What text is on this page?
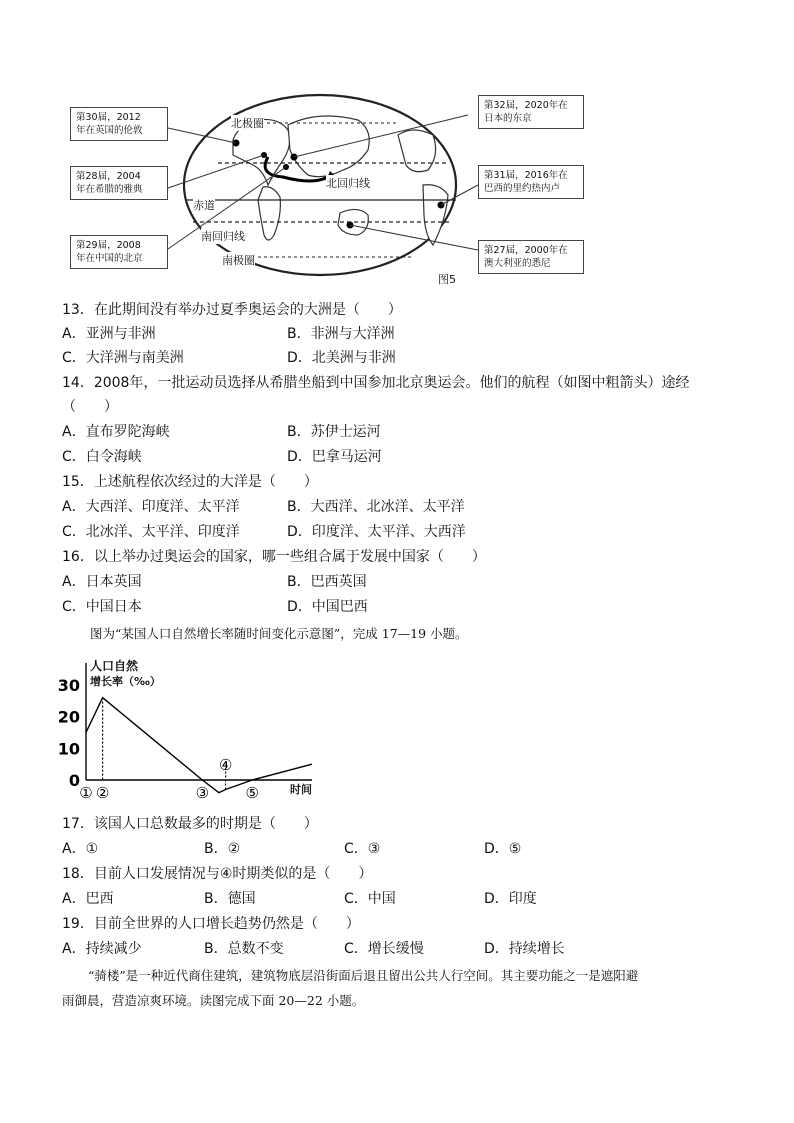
第30届，2012
年在英国的伦敦
第28届，2004
年在希腊的雅典
第29届，2008
年在中国的北京
第32届，2020年在
日本的东京
第31届，2016年在
巴西的里约热内卢
第27届，2000年在
澳大利亚的悉尼
北极圈
北回归线
赤道
南回归线
南极圈
图5
13．在此期间没有举办过夏季奥运会的大洲是（　　）
A．亚洲与非洲	B．非洲与大洋洲
C．大洋洲与南美洲	D．北美洲与非洲
14．2008年，一批运动员选择从希腊坐船到中国参加北京奥运会。他们的航程（如图中粗箭头）途经
（　　）
A．直布罗陀海峡	B．苏伊士运河
C．白令海峡	D．巴拿马运河
15．上述航程依次经过的大洋是（　　）
A．大西洋、印度洋、太平洋	B．大西洋、北冰洋、太平洋
C．北冰洋、太平洋、印度洋	D．印度洋、太平洋、大西洋
16．以上举办过奥运会的国家，哪一些组合属于发展中国家（　　）
A．日本英国	B．巴西英国
C．中国日本	D．中国巴西
图为“某国人口自然增长率随时间变化示意图”，完成 17—19 小题。
30
20
10
0
① ②	③
④
⑤
人口自然
增长率（‰）
时间
17．该国人口总数最多的时期是（　　）
A．①	B．②	C．③	D．⑤
18．目前人口发展情况与④时期类似的是（　　）
A．巴西	B．德国	C．中国	D．印度
19．目前全世界的人口增长趋势仍然是（　　）
A．持续减少	B．总数不变	C．增长缓慢	D．持续增长
“骑楼”是一种近代商住建筑，建筑物底层沿街面后退且留出公共人行空间。其主要功能之一是遮阳避
雨御晨，营造凉爽环境。读图完成下面 20—22 小题。
